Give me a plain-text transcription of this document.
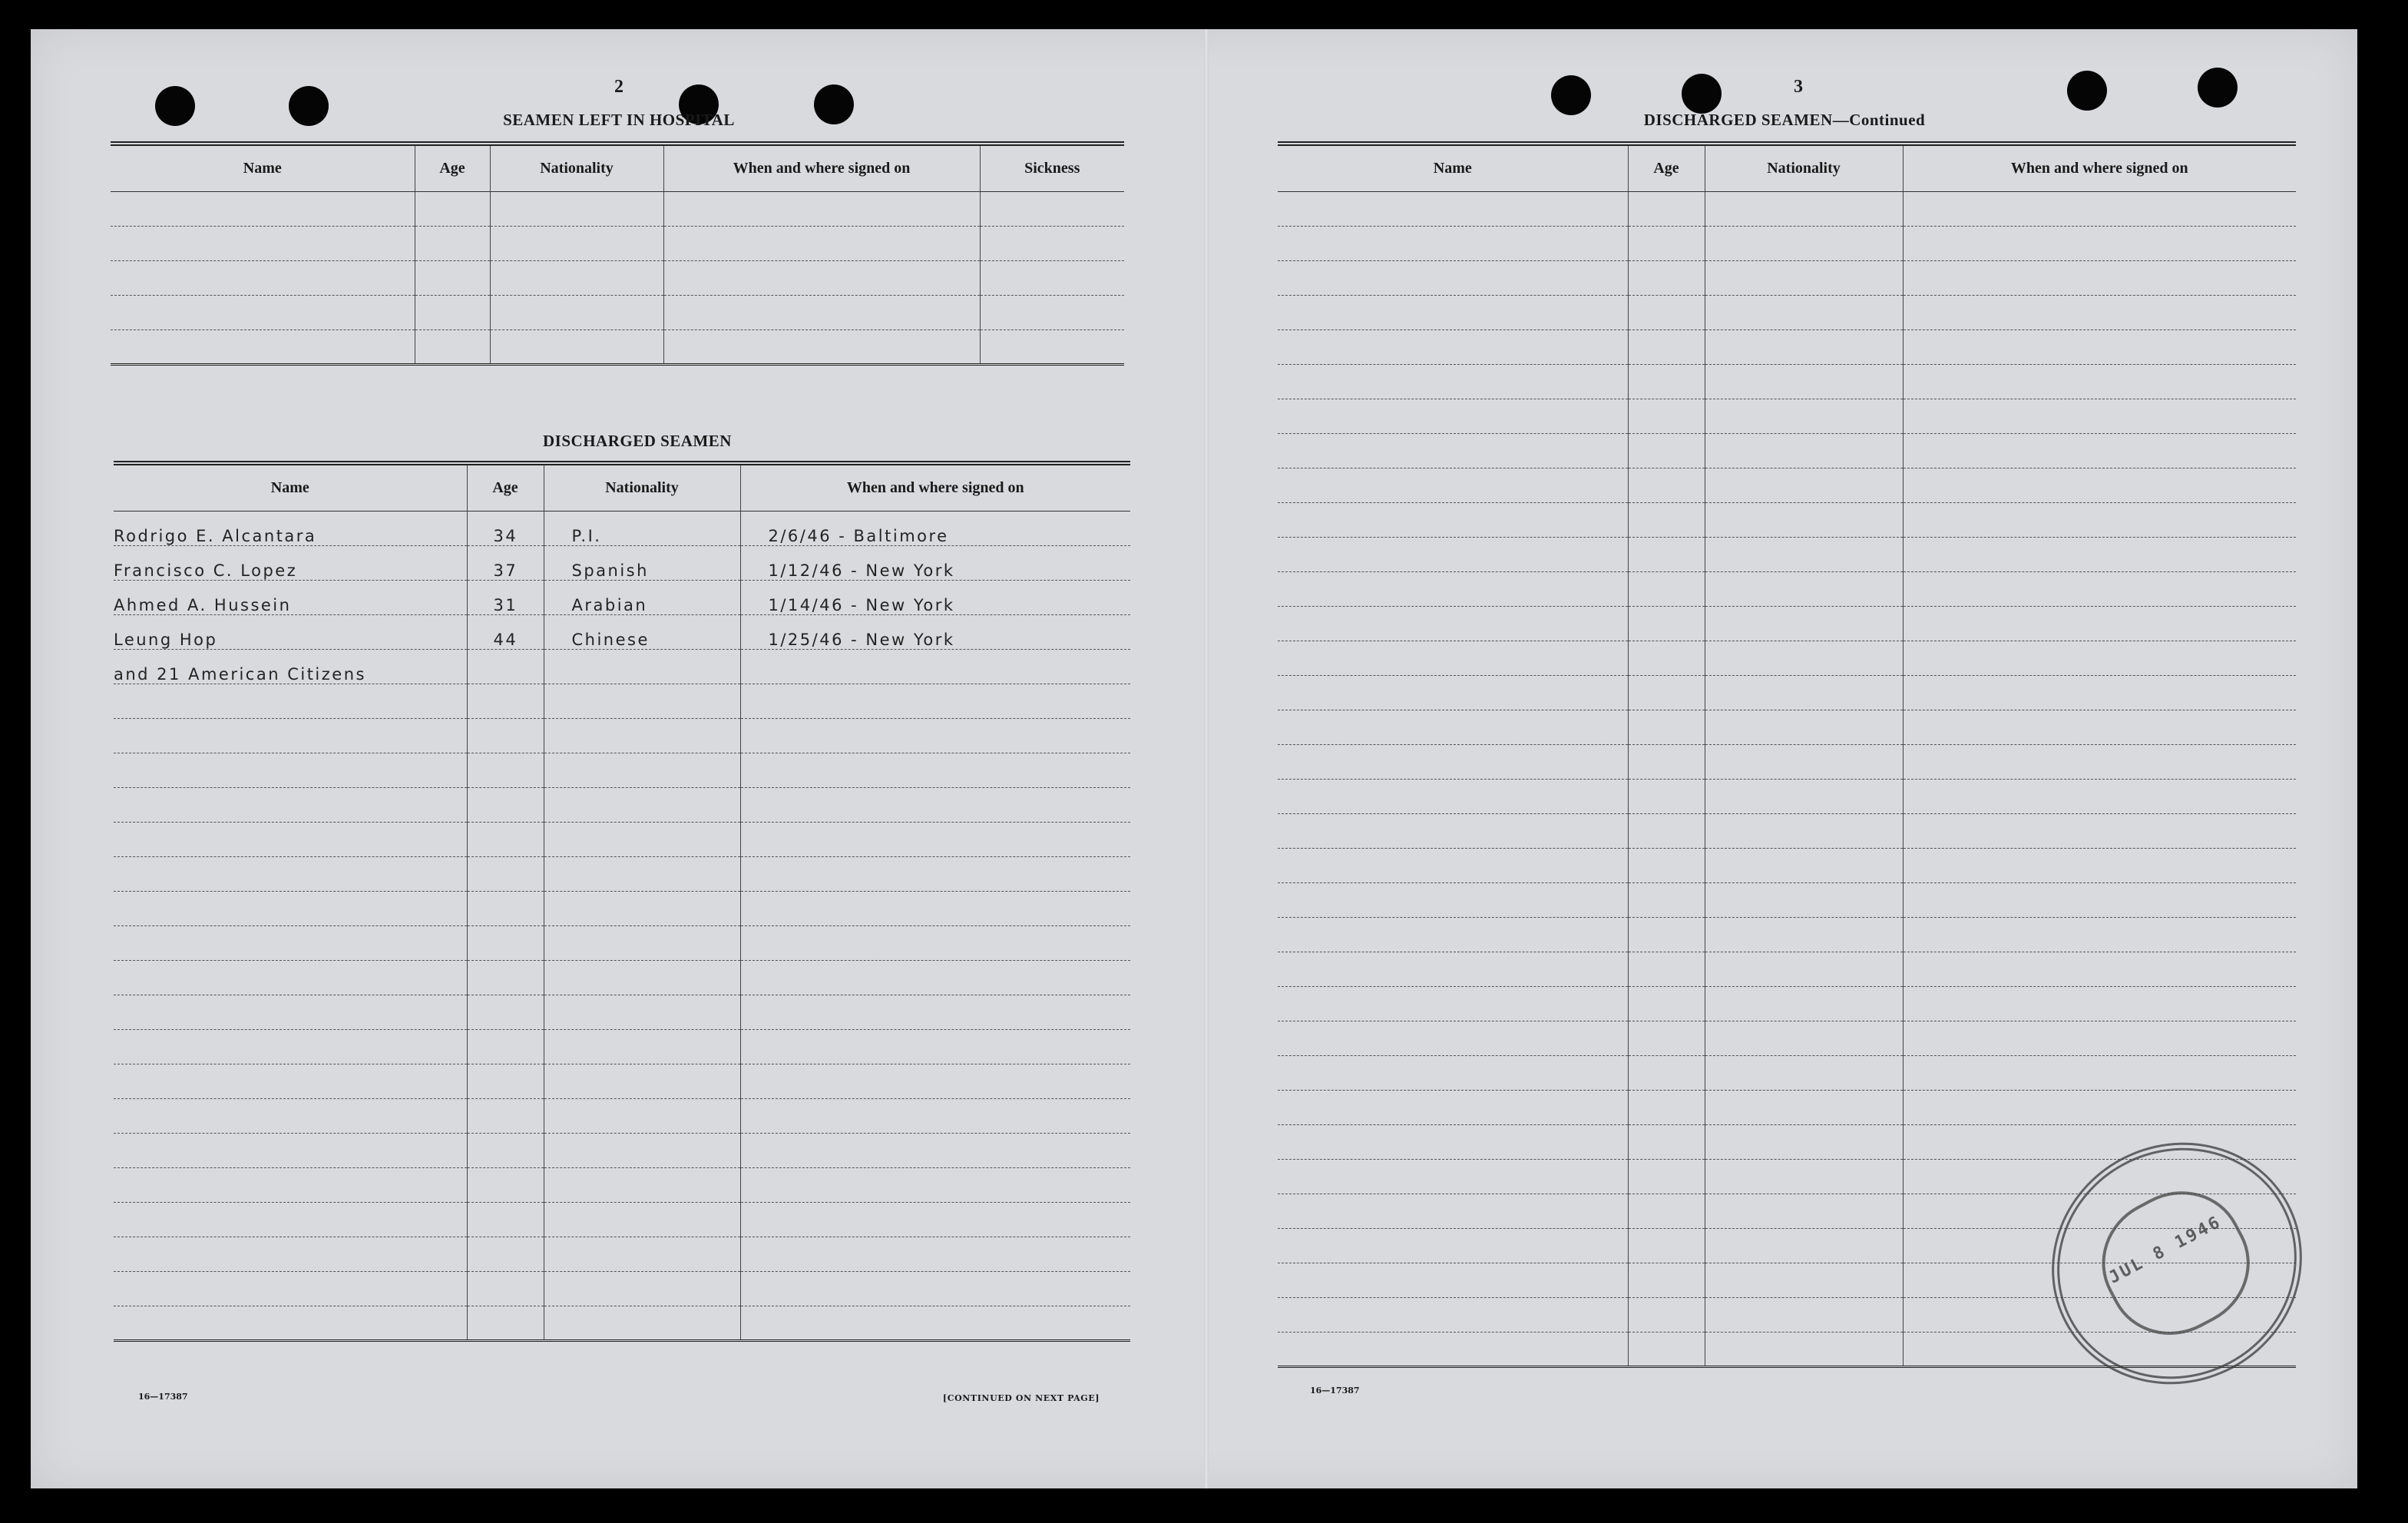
2
SEAMEN LEFT IN HOSPITAL
Name	Age	Nationality	When and where signed on	Sickness

DISCHARGED SEAMEN
Name	Age	Nationality	When and where signed on
Rodrigo E. Alcantara	34	P.I.	2/6/46 - Baltimore
Francisco C. Lopez	37	Spanish	1/12/46 - New York
Ahmed A. Hussein	31	Arabian	1/14/46 - New York
Leung Hop	44	Chinese	1/25/46 - New York
and 21 American Citizens			

16—17387	[CONTINUED ON NEXT PAGE]
3
DISCHARGED SEAMEN—Continued
Name	Age	Nationality	When and where signed on

16—17387
JUL 8 1946
